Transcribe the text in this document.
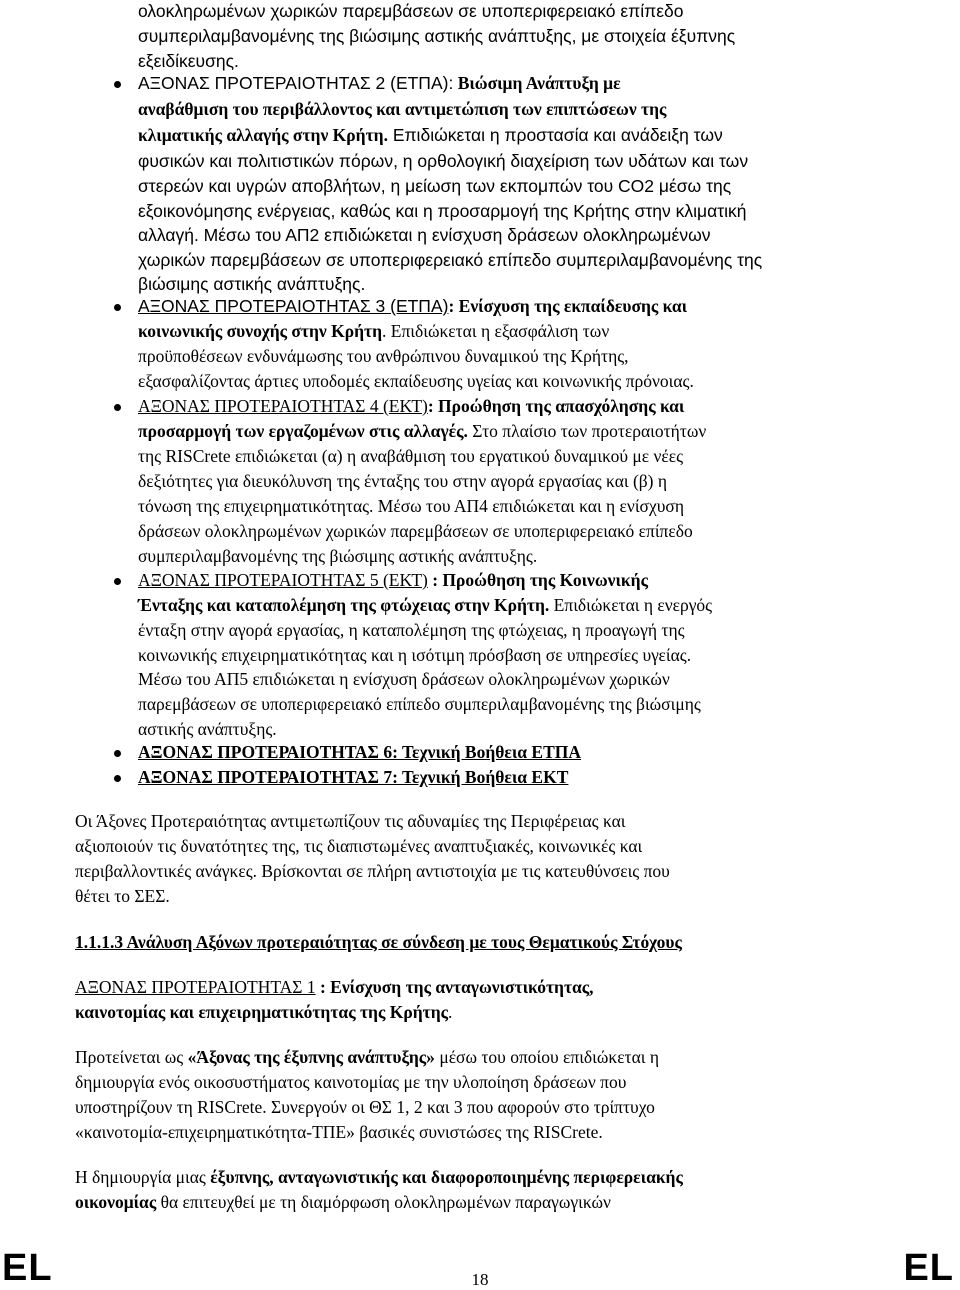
ολοκληρωμένων χωρικών παρεμβάσεων σε υποπεριφερειακό επίπεδο
συμπεριλαμβανομένης της βιώσιμης αστικής ανάπτυξης, με στοιχεία έξυπνης
εξειδίκευσης.
ΑΞΟΝΑΣ ΠΡΟΤΕΡΑΙΟΤΗΤΑΣ 2 (ΕΤΠΑ): Βιώσιμη Ανάπτυξη με
αναβάθμιση του περιβάλλοντος και αντιμετώπιση των επιπτώσεων της
κλιματικής αλλαγής στην Κρήτη. Επιδιώκεται η προστασία και ανάδειξη των
φυσικών και πολιτιστικών πόρων, η ορθολογική διαχείριση των υδάτων και των
στερεών και υγρών αποβλήτων, η μείωση των εκπομπών του CO2 μέσω της
εξοικονόμησης ενέργειας, καθώς και η προσαρμογή της Κρήτης στην κλιματική
αλλαγή. Μέσω του ΑΠ2 επιδιώκεται η ενίσχυση δράσεων ολοκληρωμένων
χωρικών παρεμβάσεων σε υποπεριφερειακό επίπεδο συμπεριλαμβανομένης της
βιώσιμης αστικής ανάπτυξης.
ΑΞΟΝΑΣ ΠΡΟΤΕΡΑΙΟΤΗΤΑΣ 3 (ΕΤΠΑ): Ενίσχυση της εκπαίδευσης και
κοινωνικής συνοχής στην Κρήτη. Επιδιώκεται η εξασφάλιση των
προϋποθέσεων ενδυνάμωσης του ανθρώπινου δυναμικού της Κρήτης,
εξασφαλίζοντας άρτιες υποδομές εκπαίδευσης υγείας και κοινωνικής πρόνοιας.
ΑΞΟΝΑΣ ΠΡΟΤΕΡΑΙΟΤΗΤΑΣ 4 (ΕΚΤ): Προώθηση της απασχόλησης και
προσαρμογή των εργαζομένων στις αλλαγές. Στο πλαίσιο των προτεραιοτήτων
της RISCrete επιδιώκεται (α) η αναβάθμιση του εργατικού δυναμικού με νέες
δεξιότητες για διευκόλυνση της ένταξης του στην αγορά εργασίας και (β) η
τόνωση της επιχειρηματικότητας. Μέσω του ΑΠ4 επιδιώκεται και η ενίσχυση
δράσεων ολοκληρωμένων χωρικών παρεμβάσεων σε υποπεριφερειακό επίπεδο
συμπεριλαμβανομένης της βιώσιμης αστικής ανάπτυξης.
ΑΞΟΝΑΣ ΠΡΟΤΕΡΑΙΟΤΗΤΑΣ 5 (ΕΚΤ) : Προώθηση της Κοινωνικής
Ένταξης και καταπολέμηση της φτώχειας στην Κρήτη. Επιδιώκεται η ενεργός
ένταξη στην αγορά εργασίας, η καταπολέμηση της φτώχειας, η προαγωγή της
κοινωνικής επιχειρηματικότητας και η ισότιμη πρόσβαση σε υπηρεσίες υγείας.
Μέσω του ΑΠ5 επιδιώκεται η ενίσχυση δράσεων ολοκληρωμένων χωρικών
παρεμβάσεων σε υποπεριφερειακό επίπεδο συμπεριλαμβανομένης της βιώσιμης
αστικής ανάπτυξης.
ΑΞΟΝΑΣ ΠΡΟΤΕΡΑΙΟΤΗΤΑΣ 6: Τεχνική Βοήθεια ΕΤΠΑ
ΑΞΟΝΑΣ ΠΡΟΤΕΡΑΙΟΤΗΤΑΣ 7: Τεχνική Βοήθεια ΕΚΤ
Οι Άξονες Προτεραιότητας αντιμετωπίζουν τις αδυναμίες της Περιφέρειας και
αξιοποιούν τις δυνατότητες της, τις διαπιστωμένες αναπτυξιακές, κοινωνικές και
περιβαλλοντικές ανάγκες. Βρίσκονται σε πλήρη αντιστοιχία με τις κατευθύνσεις που
θέτει το ΣΕΣ.
1.1.1.3 Ανάλυση Αξόνων προτεραιότητας σε σύνδεση με τους Θεματικούς Στόχους
ΑΞΟΝΑΣ ΠΡΟΤΕΡΑΙΟΤΗΤΑΣ 1 : Ενίσχυση της ανταγωνιστικότητας,
καινοτομίας και επιχειρηματικότητας της Κρήτης.
Προτείνεται ως «Άξονας της έξυπνης ανάπτυξης» μέσω του οποίου επιδιώκεται η
δημιουργία ενός οικοσυστήματος καινοτομίας με την υλοποίηση δράσεων που
υποστηρίζουν τη RISCrete. Συνεργούν οι ΘΣ 1, 2 και 3 που αφορούν στο τρίπτυχο
«καινοτομία-επιχειρηματικότητα-ΤΠΕ» βασικές συνιστώσες της RISCrete.
Η δημιουργία μιας έξυπνης, ανταγωνιστικής και διαφοροποιημένης περιφερειακής
οικονομίας θα επιτευχθεί με τη διαμόρφωση ολοκληρωμένων παραγωγικών
EL	18	EL
